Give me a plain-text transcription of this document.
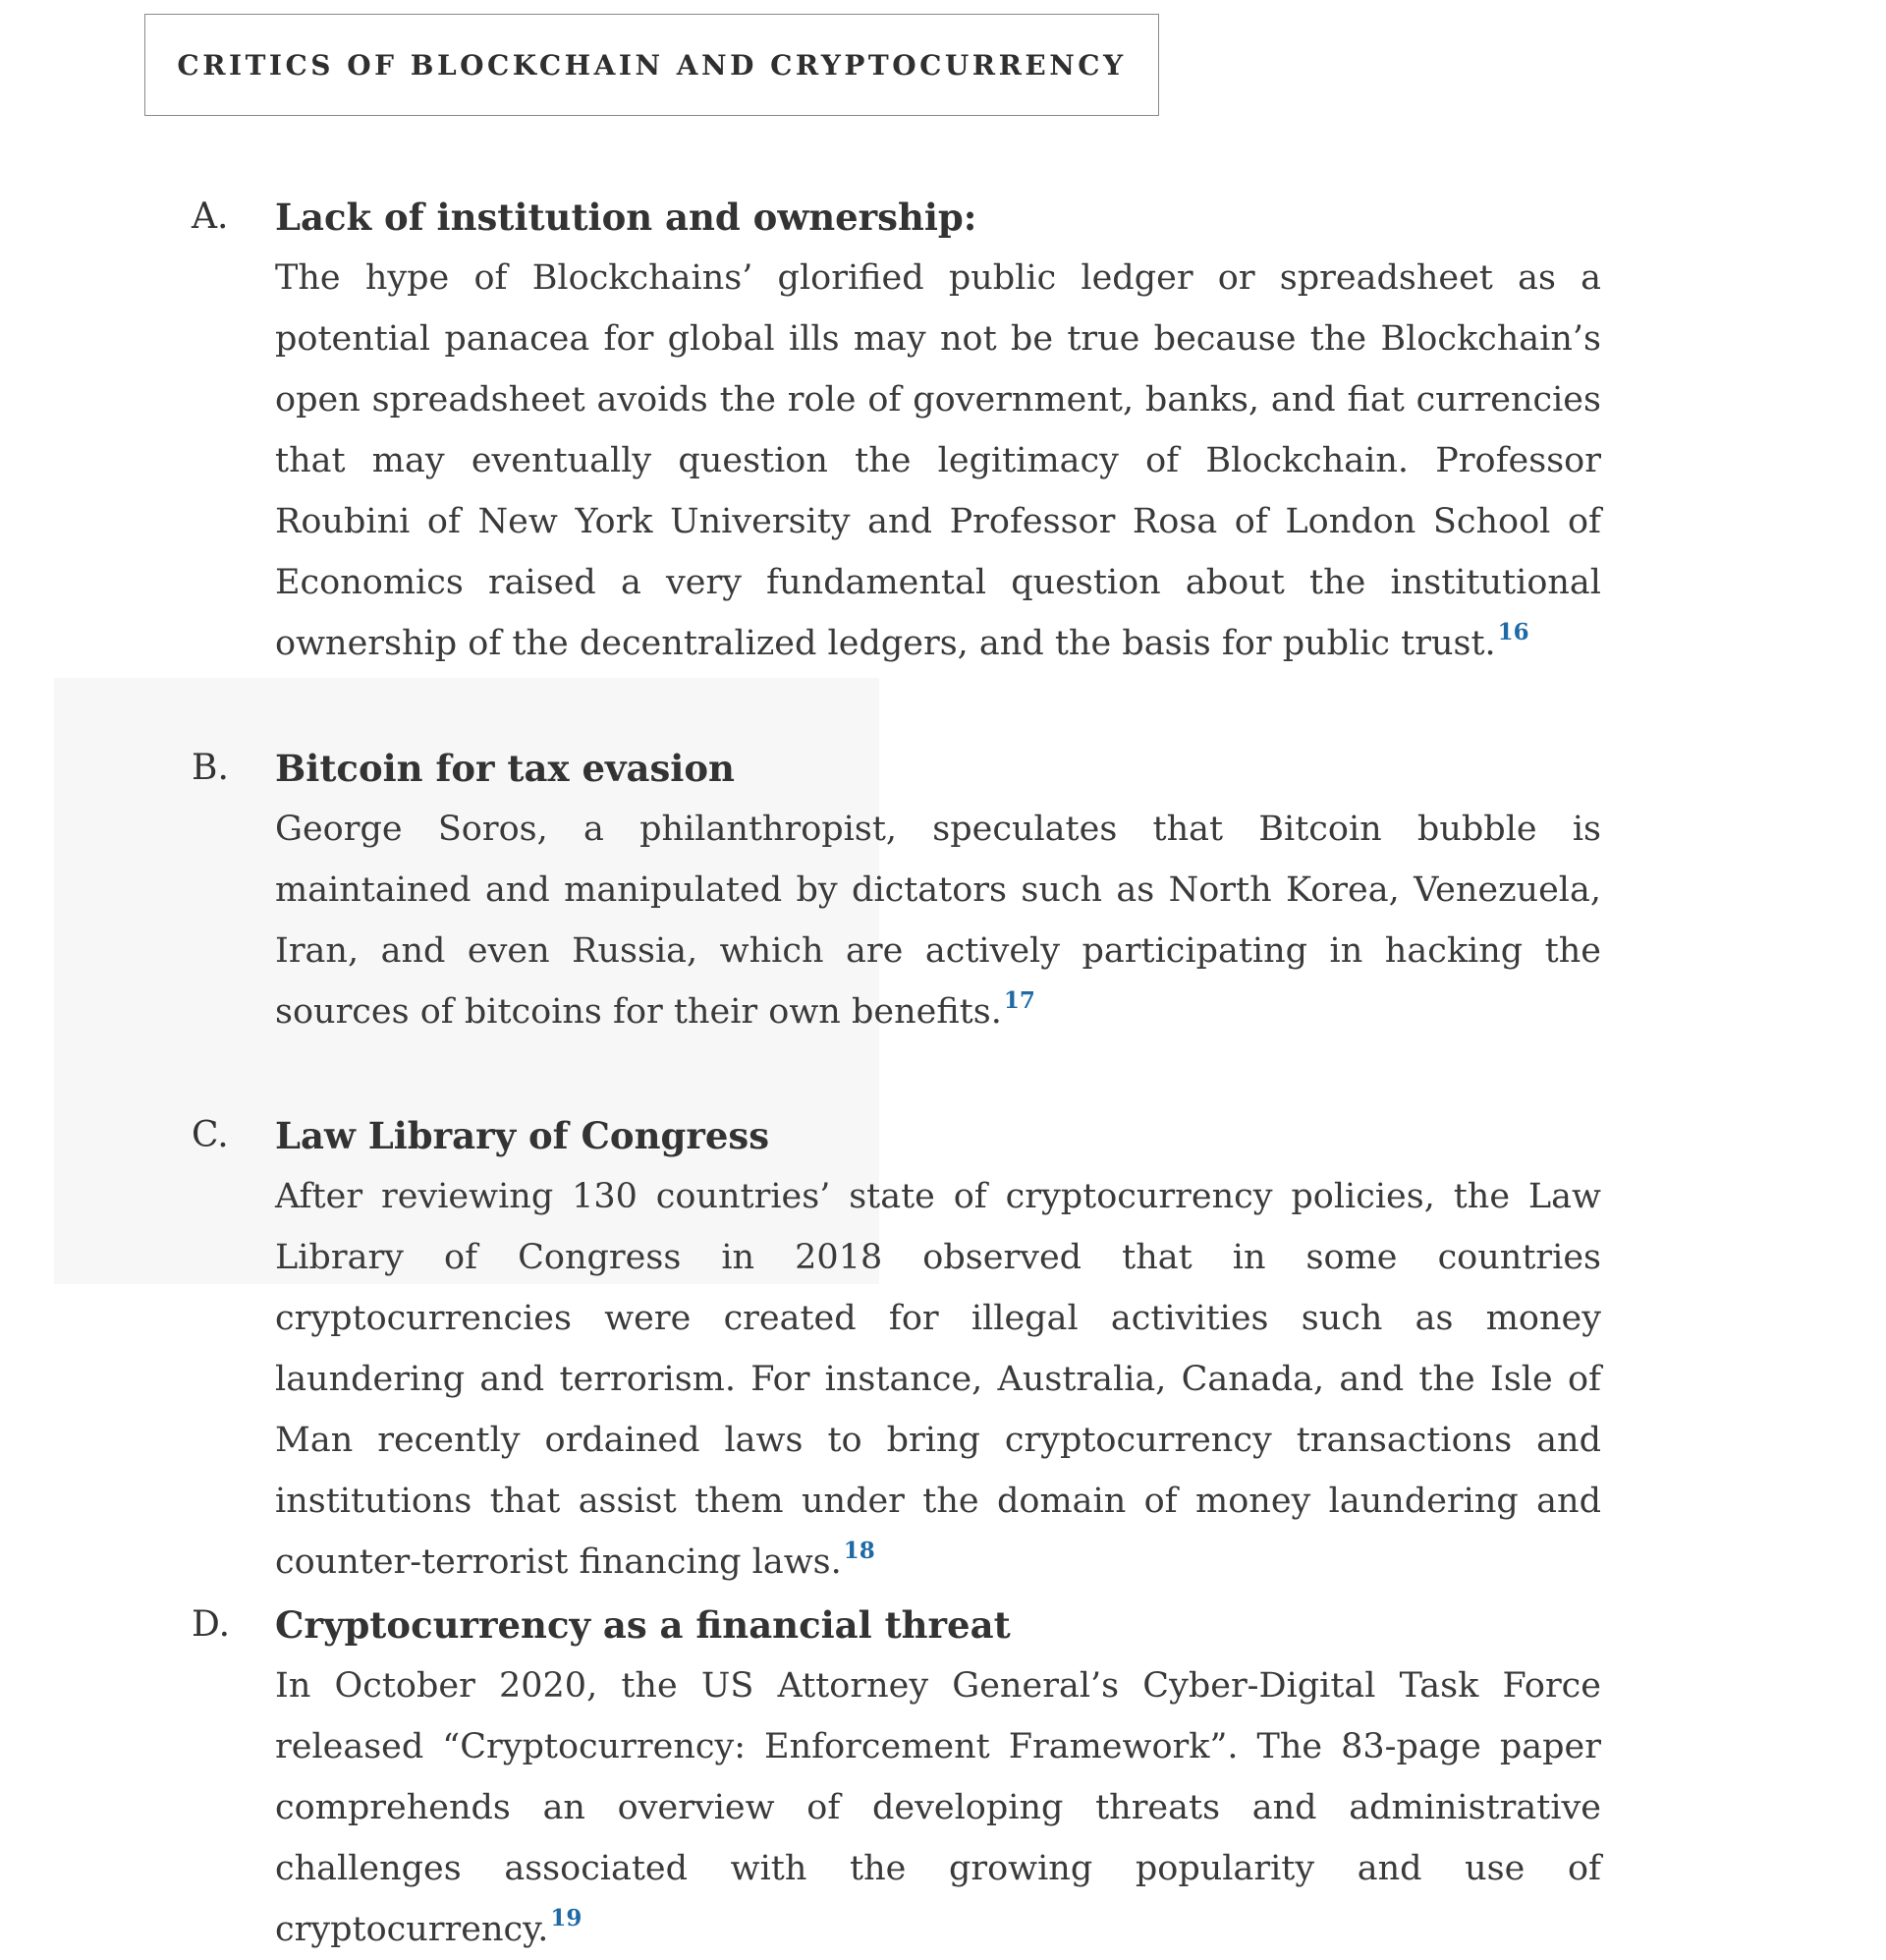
CRITICS OF BLOCKCHAIN AND CRYPTOCURRENCY
A. Lack of institution and ownership:

The hype of Blockchains’ glorified public ledger or spreadsheet as a potential panacea for global ills may not be true because the Blockchain’s open spreadsheet avoids the role of government, banks, and fiat currencies that may eventually question the legitimacy of Blockchain. Professor Roubini of New York University and Professor Rosa of London School of Economics raised a very fundamental question about the institutional ownership of the decentralized ledgers, and the basis for public trust.$^{16}$

B. Bitcoin for tax evasion

George Soros, a philanthropist, speculates that Bitcoin bubble is maintained and manipulated by dictators such as North Korea, Venezuela, Iran, and even Russia, which are actively participating in hacking the sources of bitcoins for their own benefits.$^{17}$

C. Law Library of Congress

After reviewing 130 countries’ state of cryptocurrency policies, the Law Library of Congress in 2018 observed that in some countries cryptocurrencies were created for illegal activities such as money laundering and terrorism. For instance, Australia, Canada, and the Isle of Man recently ordained laws to bring cryptocurrency transactions and institutions that assist them under the domain of money laundering and counter-terrorist financing laws.$^{18}$

D. Cryptocurrency as a financial threat

In October 2020, the US Attorney General’s Cyber-Digital Task Force released “Cryptocurrency: Enforcement Framework”. The 83-page paper comprehends an overview of developing threats and administrative challenges associated with the growing popularity and use of cryptocurrency.$^{19}$
